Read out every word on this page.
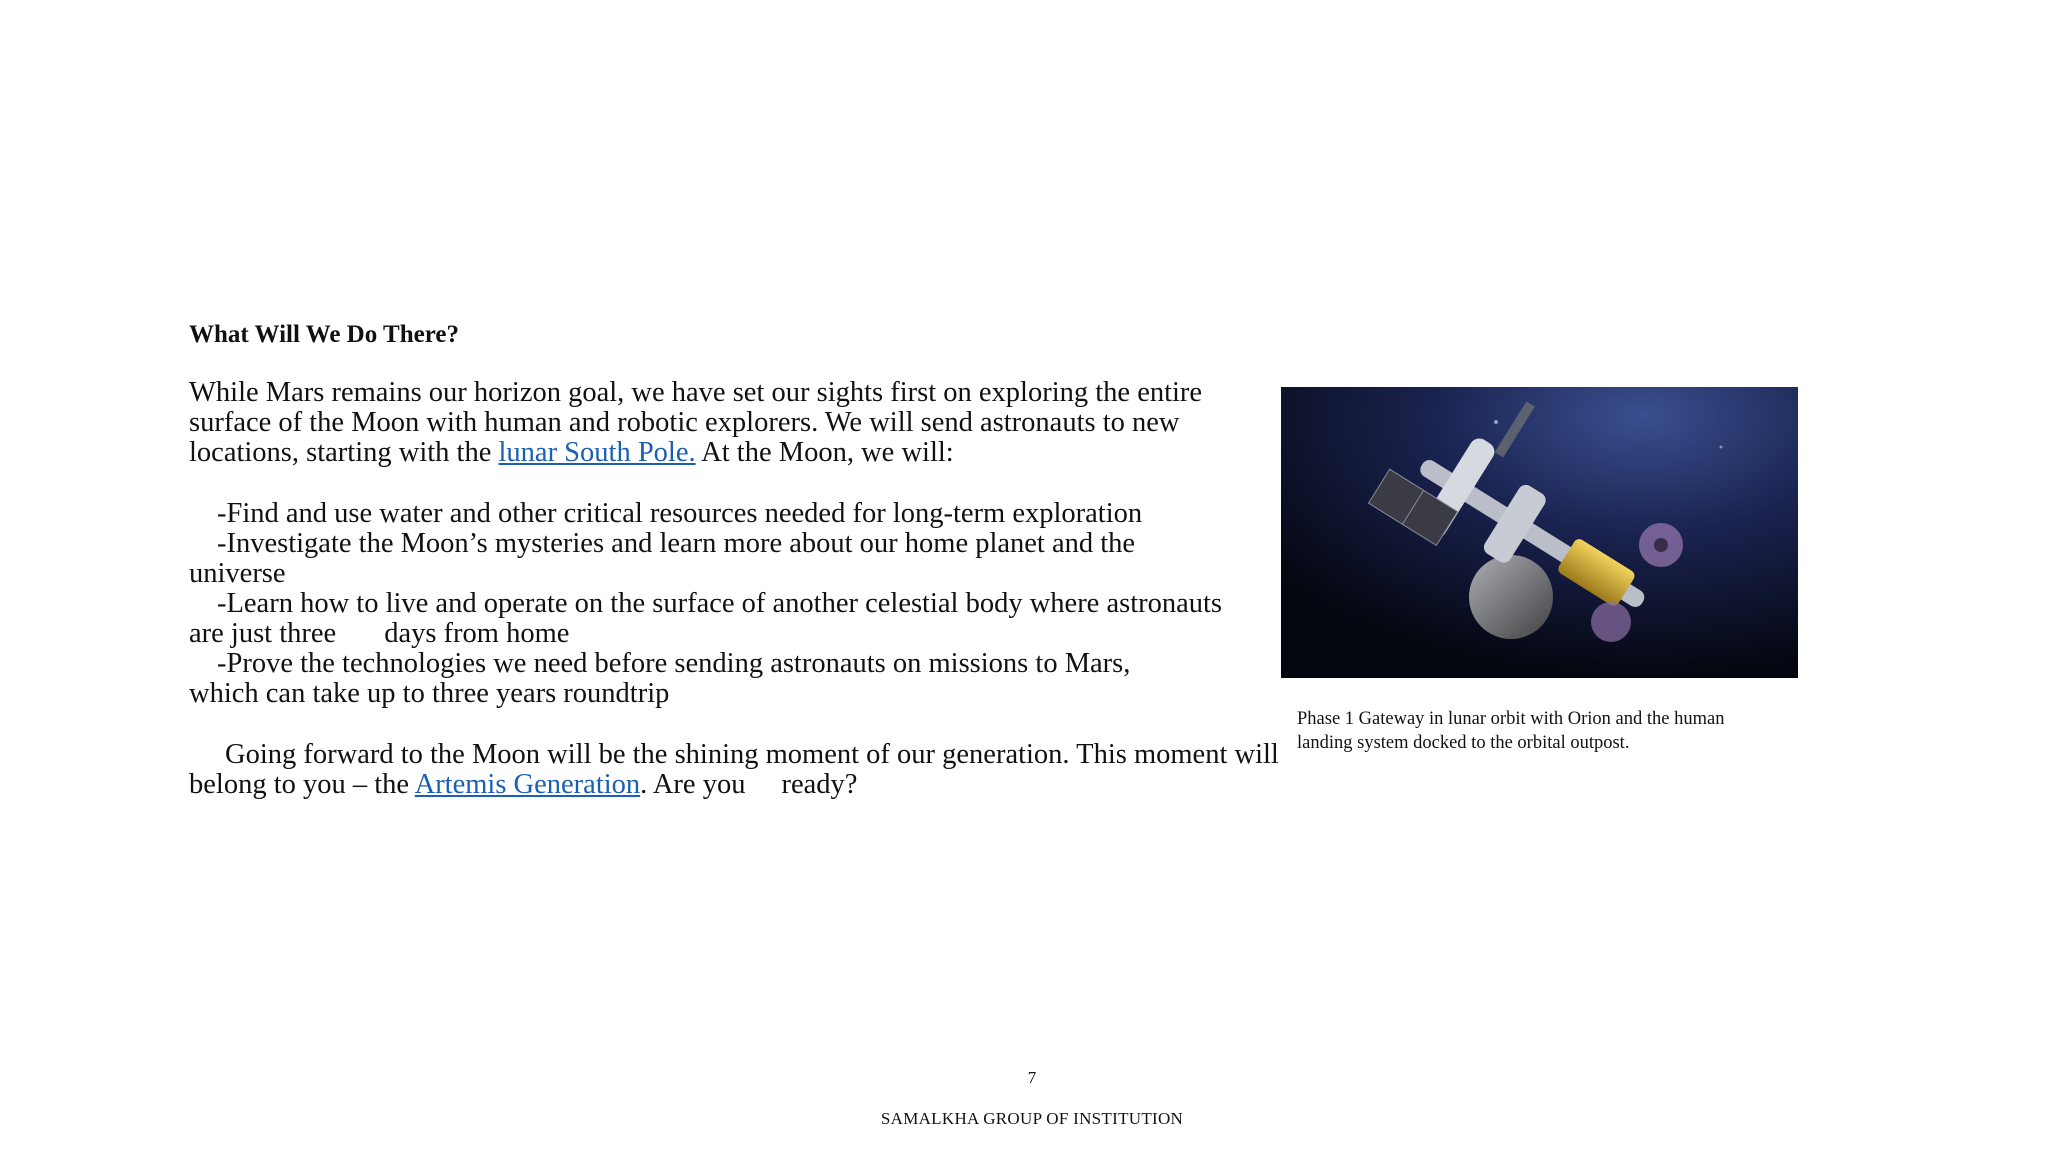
What Will We Do There?

While Mars remains our horizon goal, we have set our sights first on exploring the entire
surface of the Moon with human and robotic explorers. We will send astronauts to new
locations, starting with the lunar South Pole. At the Moon, we will:

-Find and use water and other critical resources needed for long-term exploration
-Investigate the Moon’s mysteries and learn more about our home planet and the
universe
-Learn how to live and operate on the surface of another celestial body where astronauts
are just three days from home
-Prove the technologies we need before sending astronauts on missions to Mars,
which can take up to three years roundtrip

Going forward to the Moon will be the shining moment of our generation. This moment will
belong to you – the Artemis Generation. Are you ready?

Phase 1 Gateway in lunar orbit with Orion and the human
landing system docked to the orbital outpost.

7

SAMALKHA GROUP OF INSTITUTION
